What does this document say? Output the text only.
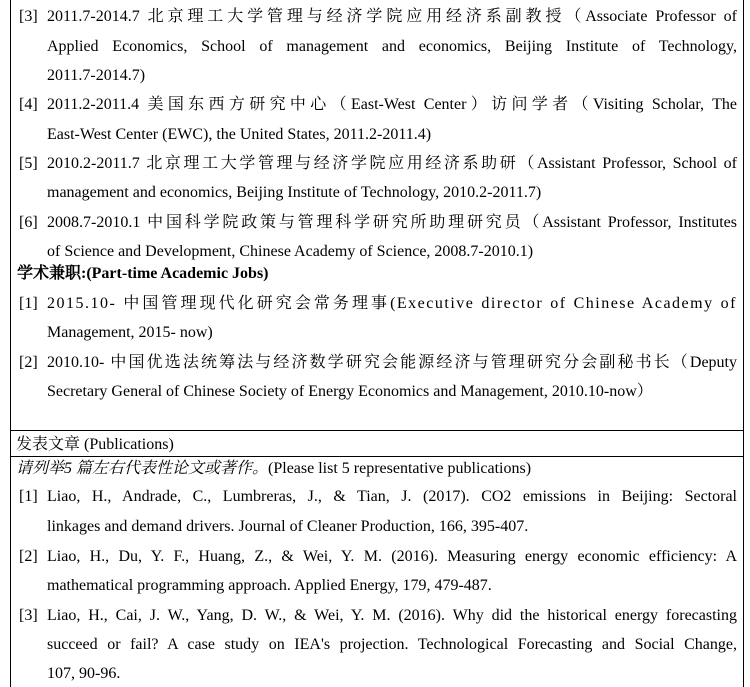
[3] 2011.7-2014.7 北京理工大学管理与经济学院应用经济系副教授（Associate Professor of
Applied Economics, School of management and economics, Beijing Institute of Technology,
2011.7-2014.7)
[4] 2011.2-2011.4 美国东西方研究中心（East-West Center）访问学者（Visiting Scholar, The
East-West Center (EWC), the United States, 2011.2-2011.4)
[5] 2010.2-2011.7 北京理工大学管理与经济学院应用经济系助研（Assistant Professor, School of
management and economics, Beijing Institute of Technology, 2010.2-2011.7)
[6] 2008.7-2010.1 中国科学院政策与管理科学研究所助理研究员（Assistant Professor, Institutes
of Science and Development, Chinese Academy of Science, 2008.7-2010.1)
学术兼职:(Part-time Academic Jobs)
[1] 2015.10- 中国管理现代化研究会常务理事(Executive director of Chinese Academy of
Management, 2015- now)
[2] 2010.10- 中国优选法统筹法与经济数学研究会能源经济与管理研究分会副秘书长（Deputy
Secretary General of Chinese Society of Energy Economics and Management, 2010.10-now）
发表文章 (Publications)
请列举5 篇左右代表性论文或著作。(Please list 5 representative publications)
[1] Liao, H., Andrade, C., Lumbreras, J., & Tian, J. (2017). CO2 emissions in Beijing: Sectoral
linkages and demand drivers. Journal of Cleaner Production, 166, 395-407.
[2] Liao, H., Du, Y. F., Huang, Z., & Wei, Y. M. (2016). Measuring energy economic efficiency: A
mathematical programming approach. Applied Energy, 179, 479-487.
[3] Liao, H., Cai, J. W., Yang, D. W., & Wei, Y. M. (2016). Why did the historical energy forecasting
succeed or fail? A case study on IEA's projection. Technological Forecasting and Social Change,
107, 90-96.
